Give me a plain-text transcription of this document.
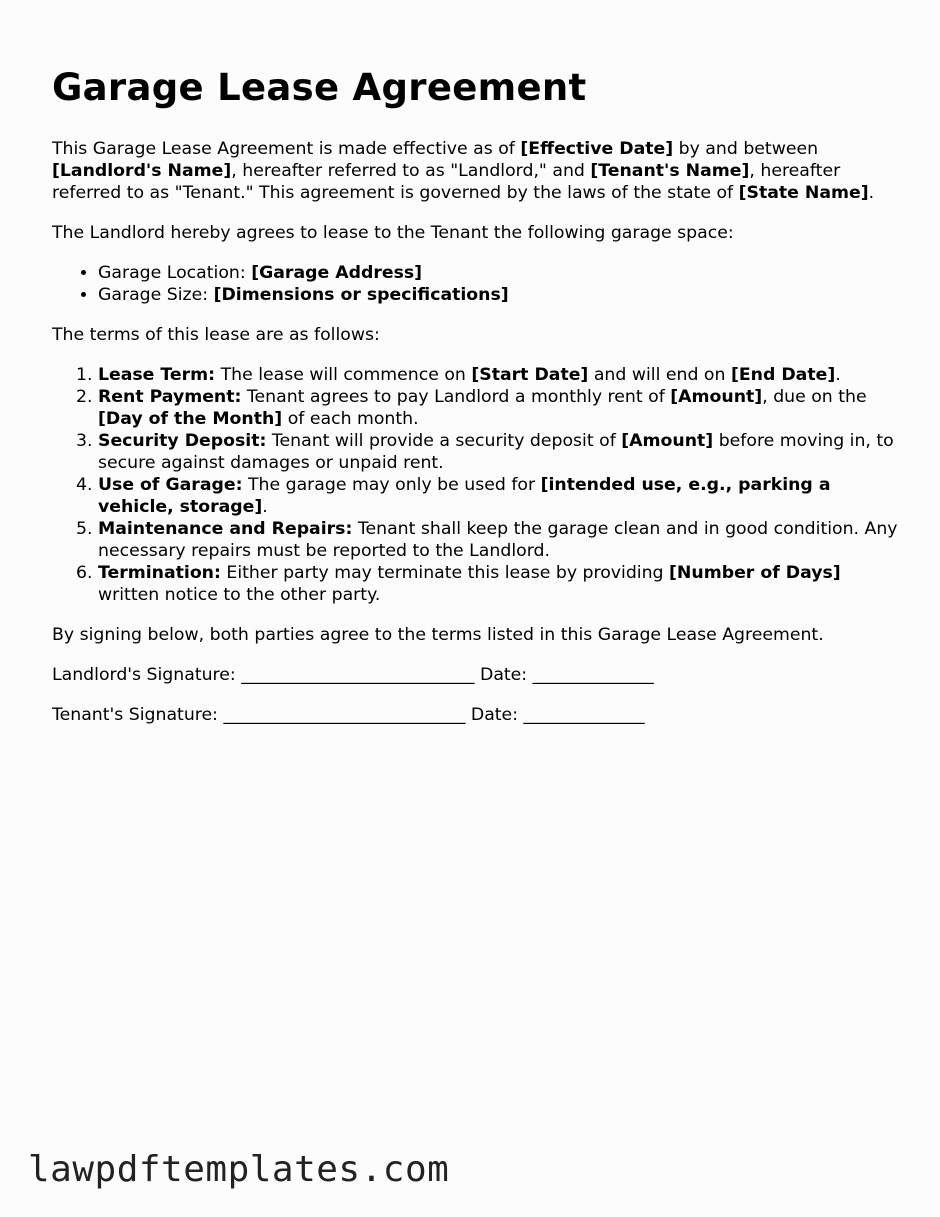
Garage Lease Agreement

This Garage Lease Agreement is made effective as of [Effective Date] by and between [Landlord's Name], hereafter referred to as "Landlord," and [Tenant's Name], hereafter referred to as "Tenant." This agreement is governed by the laws of the state of [State Name].

The Landlord hereby agrees to lease to the Tenant the following garage space:

• Garage Location: [Garage Address]
• Garage Size: [Dimensions or specifications]

The terms of this lease are as follows:

1. Lease Term: The lease will commence on [Start Date] and will end on [End Date].
2. Rent Payment: Tenant agrees to pay Landlord a monthly rent of [Amount], due on the [Day of the Month] of each month.
3. Security Deposit: Tenant will provide a security deposit of [Amount] before moving in, to secure against damages or unpaid rent.
4. Use of Garage: The garage may only be used for [intended use, e.g., parking a vehicle, storage].
5. Maintenance and Repairs: Tenant shall keep the garage clean and in good condition. Any necessary repairs must be reported to the Landlord.
6. Termination: Either party may terminate this lease by providing [Number of Days] written notice to the other party.

By signing below, both parties agree to the terms listed in this Garage Lease Agreement.

Landlord's Signature: ___________________________ Date: ______________

Tenant's Signature: ____________________________ Date: ______________

lawpdftemplates.com
